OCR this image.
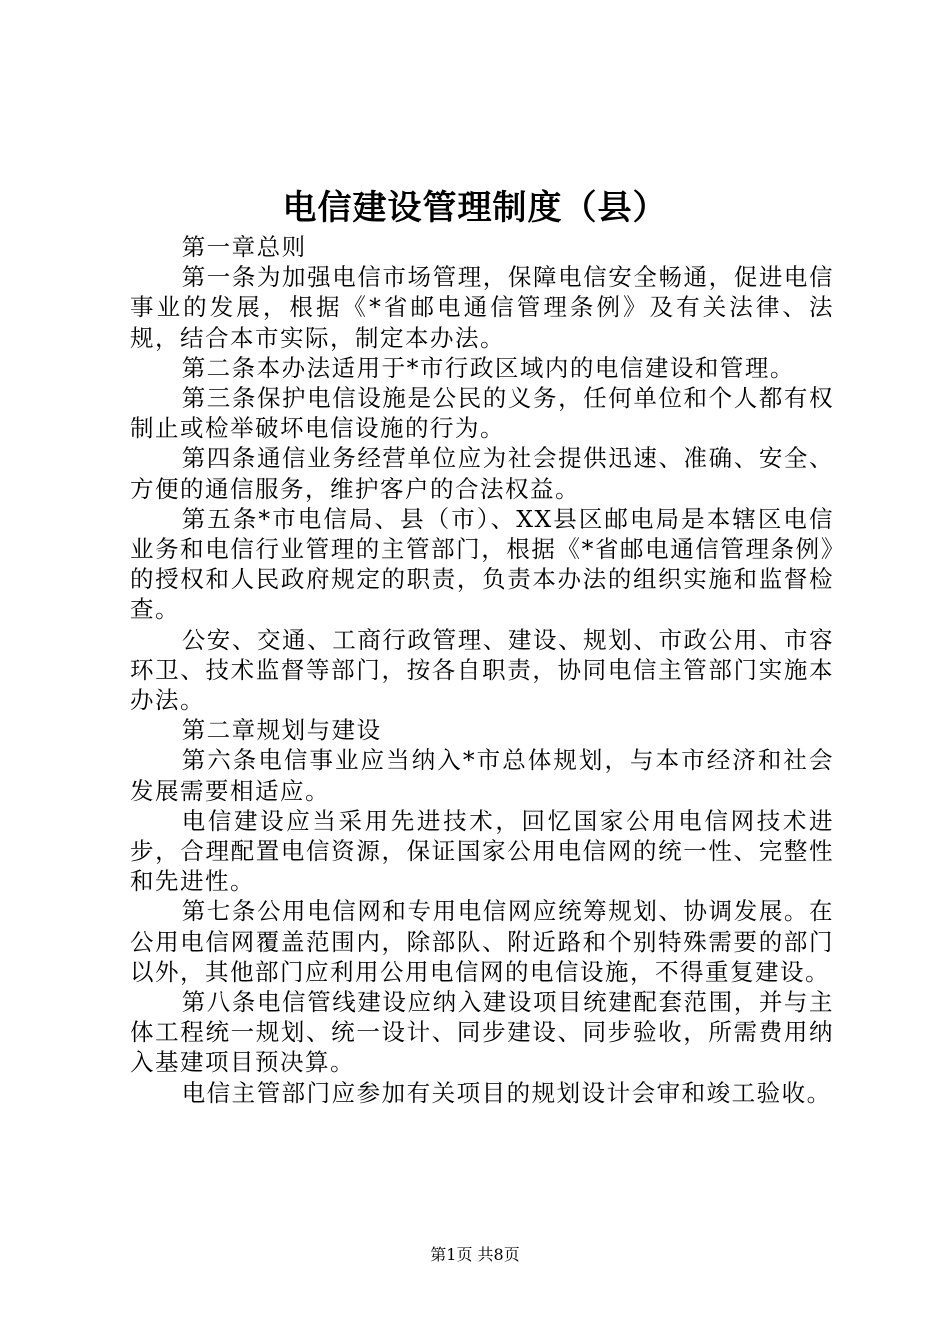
电信建设管理制度（县）

第一章总则

第一条为加强电信市场管理，保障电信安全畅通，促进电信事业的发展，根据《*省邮电通信管理条例》及有关法律、法规，结合本市实际，制定本办法。

第二条本办法适用于*市行政区域内的电信建设和管理。

第三条保护电信设施是公民的义务，任何单位和个人都有权制止或检举破坏电信设施的行为。

第四条通信业务经营单位应为社会提供迅速、准确、安全、方便的通信服务，维护客户的合法权益。

第五条*市电信局、县（市）、XX县区邮电局是本辖区电信业务和电信行业管理的主管部门，根据《*省邮电通信管理条例》的授权和人民政府规定的职责，负责本办法的组织实施和监督检查。

公安、交通、工商行政管理、建设、规划、市政公用、市容环卫、技术监督等部门，按各自职责，协同电信主管部门实施本办法。

第二章规划与建设

第六条电信事业应当纳入*市总体规划，与本市经济和社会发展需要相适应。

电信建设应当采用先进技术，回忆国家公用电信网技术进步，合理配置电信资源，保证国家公用电信网的统一性、完整性和先进性。

第七条公用电信网和专用电信网应统筹规划、协调发展。在公用电信网覆盖范围内，除部队、附近路和个别特殊需要的部门以外，其他部门应利用公用电信网的电信设施，不得重复建设。

第八条电信管线建设应纳入建设项目统建配套范围，并与主体工程统一规划、统一设计、同步建设、同步验收，所需费用纳入基建项目预决算。

电信主管部门应参加有关项目的规划设计会审和竣工验收。

第1页 共8页
